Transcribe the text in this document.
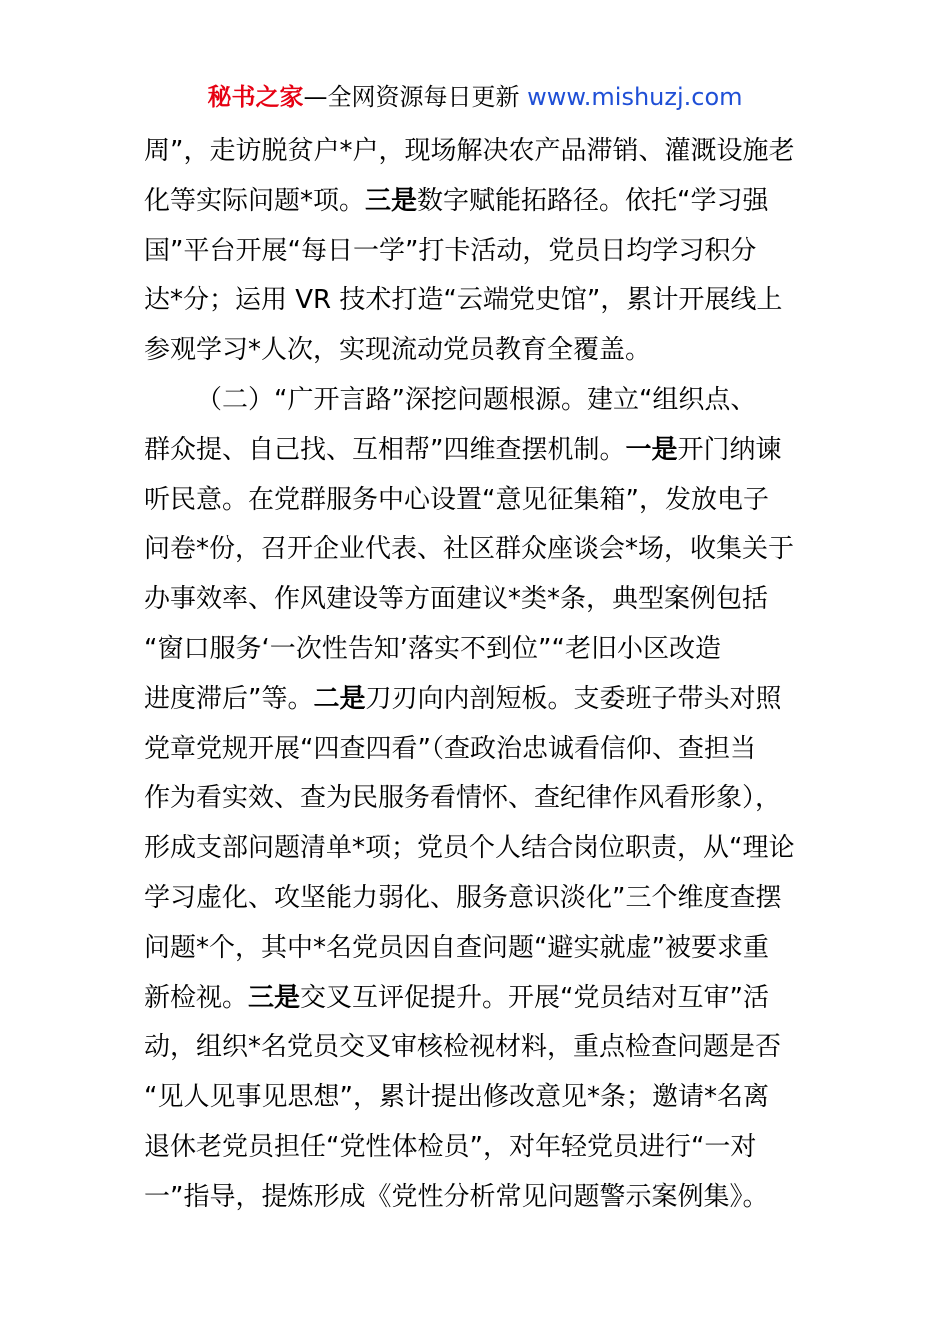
秘书之家—全网资源每日更新 www.mishuzj.com
周”，走访脱贫户*户，现场解决农产品滞销、灌溉设施老
化等实际问题*项。三是数字赋能拓路径。依托“学习强
国”平台开展“每日一学”打卡活动，党员日均学习积分
达*分；运用 VR 技术打造“云端党史馆”，累计开展线上
参观学习*人次，实现流动党员教育全覆盖。
（二）“广开言路”深挖问题根源。建立“组织点、
群众提、自己找、互相帮”四维查摆机制。一是开门纳谏
听民意。在党群服务中心设置“意见征集箱”，发放电子
问卷*份，召开企业代表、社区群众座谈会*场，收集关于
办事效率、作风建设等方面建议*类*条，典型案例包括
“窗口服务‘一次性告知’落实不到位”“老旧小区改造
进度滞后”等。二是刀刃向内剖短板。支委班子带头对照
党章党规开展“四查四看”（查政治忠诚看信仰、查担当
作为看实效、查为民服务看情怀、查纪律作风看形象），
形成支部问题清单*项；党员个人结合岗位职责，从“理论
学习虚化、攻坚能力弱化、服务意识淡化”三个维度查摆
问题*个，其中*名党员因自查问题“避实就虚”被要求重
新检视。三是交叉互评促提升。开展“党员结对互审”活
动，组织*名党员交叉审核检视材料，重点检查问题是否
“见人见事见思想”，累计提出修改意见*条；邀请*名离
退休老党员担任“党性体检员”，对年轻党员进行“一对
一”指导，提炼形成《党性分析常见问题警示案例集》。
